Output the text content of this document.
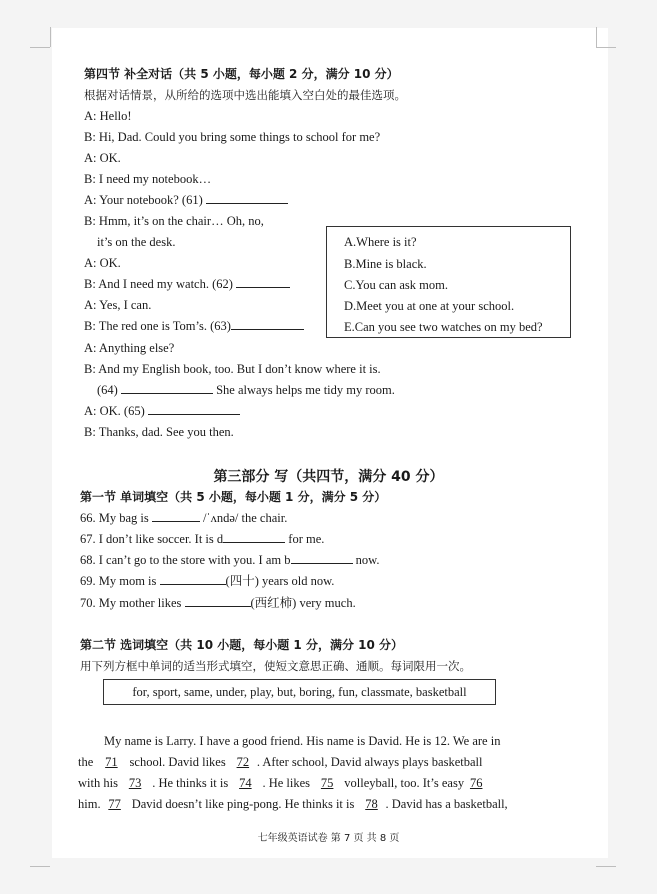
第四节 补全对话（共 5 小题，每小题 2 分，满分 10 分）
根据对话情景，从所给的选项中选出能填入空白处的最佳选项。
A: Hello!
B: Hi, Dad. Could you bring some things to school for me?
A: OK.
B: I need my notebook…
A: Your notebook? (61)
B: Hmm, it’s on the chair… Oh, no,
it’s on the desk.
A: OK.
B: And I need my watch. (62)
A: Yes, I can.
B: The red one is Tom’s. (63)
A: Anything else?
B: And my English book, too. But I don’t know where it is.
(64)	She always helps me tidy my room.
A: OK. (65)
B: Thanks, dad. See you then.
A.Where is it?
B.Mine is black.
C.You can ask mom.
D.Meet you at one at your school.
E.Can you see two watches on my bed?
第三部分 写（共四节，满分 40 分）
第一节 单词填空（共 5 小题，每小题 1 分，满分 5 分）
66. My bag is	/ˈʌndə/ the chair.
67. I don’t like soccer. It is d	for me.
68. I can’t go to the store with you. I am b	now.
69. My mom is	(四十) years old now.
70. My mother likes	(西红柿) very much.
第二节 选词填空（共 10 小题，每小题 1 分，满分 10 分）
用下列方框中单词的适当形式填空，使短文意思正确、通顺。每词限用一次。
for, sport, same, under, play, but, boring, fun, classmate, basketball
My name is Larry. I have a good friend. His name is David. He is 12. We are in
the 71 school. David likes 72 . After school, David always plays basketball
with his 73 . He thinks it is 74 . He likes 75 volleyball, too. It’s easy 76
him. 77 David doesn’t like ping-pong. He thinks it is 78 . David has a basketball,
七年级英语试卷 第 7 页 共 8 页
